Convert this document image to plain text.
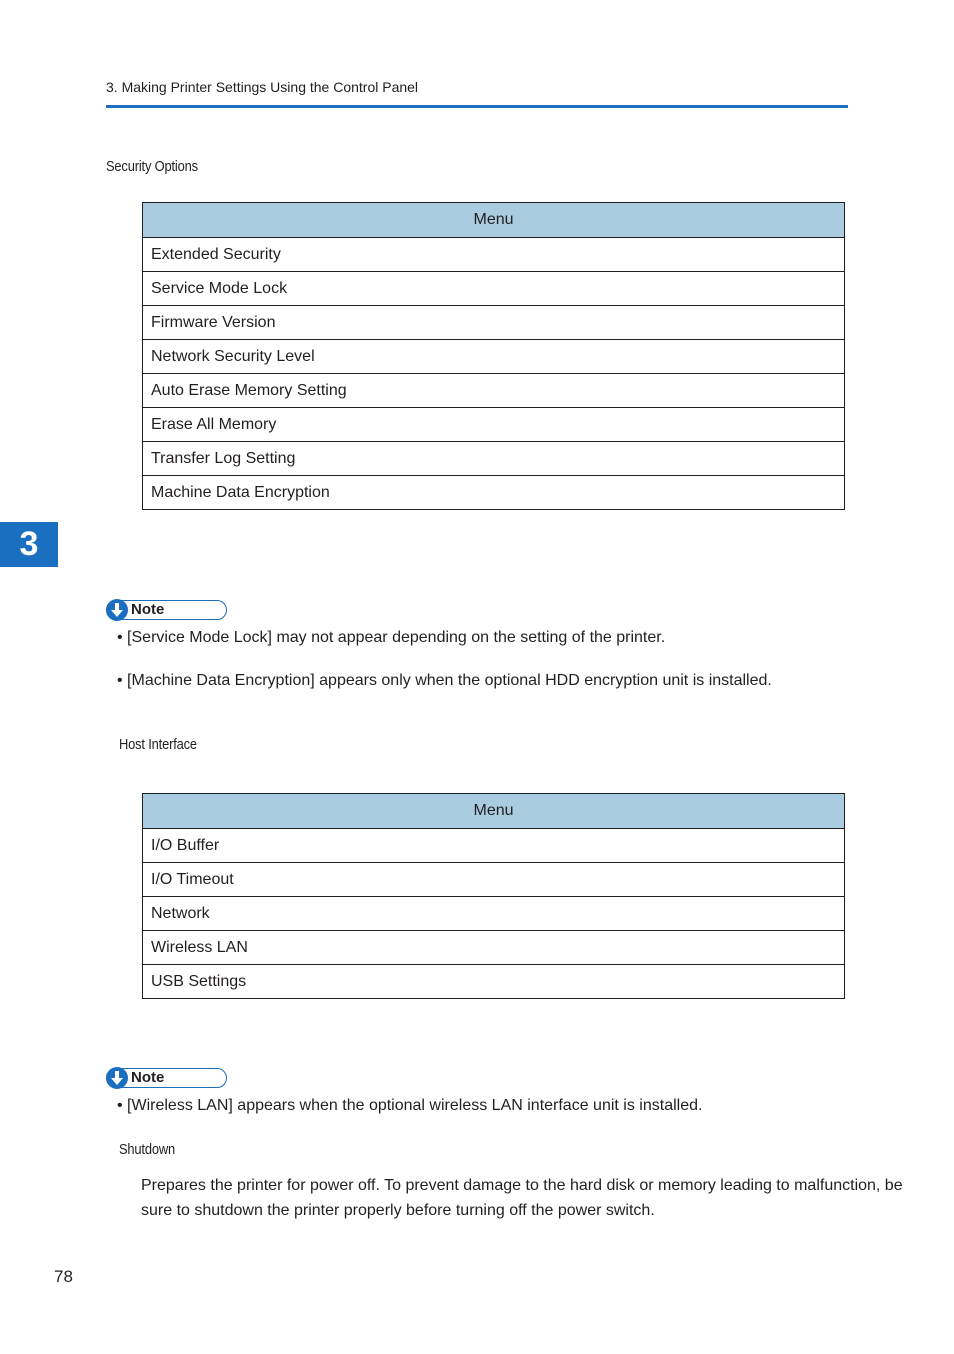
3. Making Printer Settings Using the Control Panel
Security Options
Menu
Extended Security
Service Mode Lock
Firmware Version
Network Security Level
Auto Erase Memory Setting
Erase All Memory
Transfer Log Setting
Machine Data Encryption
3
Note
• [Service Mode Lock] may not appear depending on the setting of the printer.
• [Machine Data Encryption] appears only when the optional HDD encryption unit is installed.
Host Interface
Menu
I/O Buffer
I/O Timeout
Network
Wireless LAN
USB Settings
Note
• [Wireless LAN] appears when the optional wireless LAN interface unit is installed.
Shutdown
Prepares the printer for power off. To prevent damage to the hard disk or memory leading to malfunction, be sure to shutdown the printer properly before turning off the power switch.
78
